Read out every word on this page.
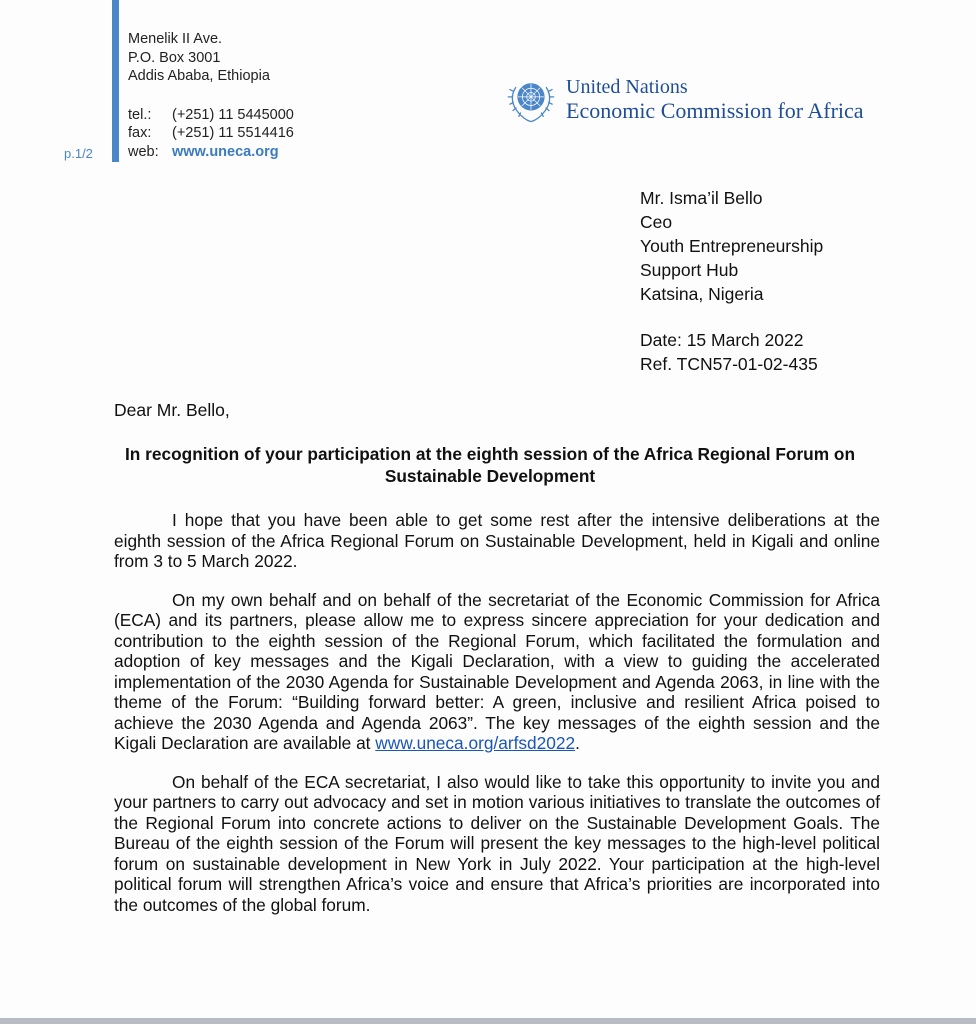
p.1/2
Menelik II Ave.
P.O. Box 3001
Addis Ababa, Ethiopia
tel.: (+251) 11 5445000
fax: (+251) 11 5514416
web: www.uneca.org
United Nations
Economic Commission for Africa
Mr. Isma’il Bello
Ceo
Youth Entrepreneurship
Support Hub
Katsina, Nigeria
Date: 15 March 2022
Ref. TCN57-01-02-435
Dear Mr. Bello,
In recognition of your participation at the eighth session of the Africa Regional Forum on Sustainable Development

I hope that you have been able to get some rest after the intensive deliberations at the eighth session of the Africa Regional Forum on Sustainable Development, held in Kigali and online from 3 to 5 March 2022.

On my own behalf and on behalf of the secretariat of the Economic Commission for Africa (ECA) and its partners, please allow me to express sincere appreciation for your dedication and contribution to the eighth session of the Regional Forum, which facilitated the formulation and adoption of key messages and the Kigali Declaration, with a view to guiding the accelerated implementation of the 2030 Agenda for Sustainable Development and Agenda 2063, in line with the theme of the Forum: “Building forward better: A green, inclusive and resilient Africa poised to achieve the 2030 Agenda and Agenda 2063”. The key messages of the eighth session and the Kigali Declaration are available at www.uneca.org/arfsd2022.

On behalf of the ECA secretariat, I also would like to take this opportunity to invite you and your partners to carry out advocacy and set in motion various initiatives to translate the outcomes of the Regional Forum into concrete actions to deliver on the Sustainable Development Goals. The Bureau of the eighth session of the Forum will present the key messages to the high-level political forum on sustainable development in New York in July 2022. Your participation at the high-level political forum will strengthen Africa’s voice and ensure that Africa’s priorities are incorporated into the outcomes of the global forum.
